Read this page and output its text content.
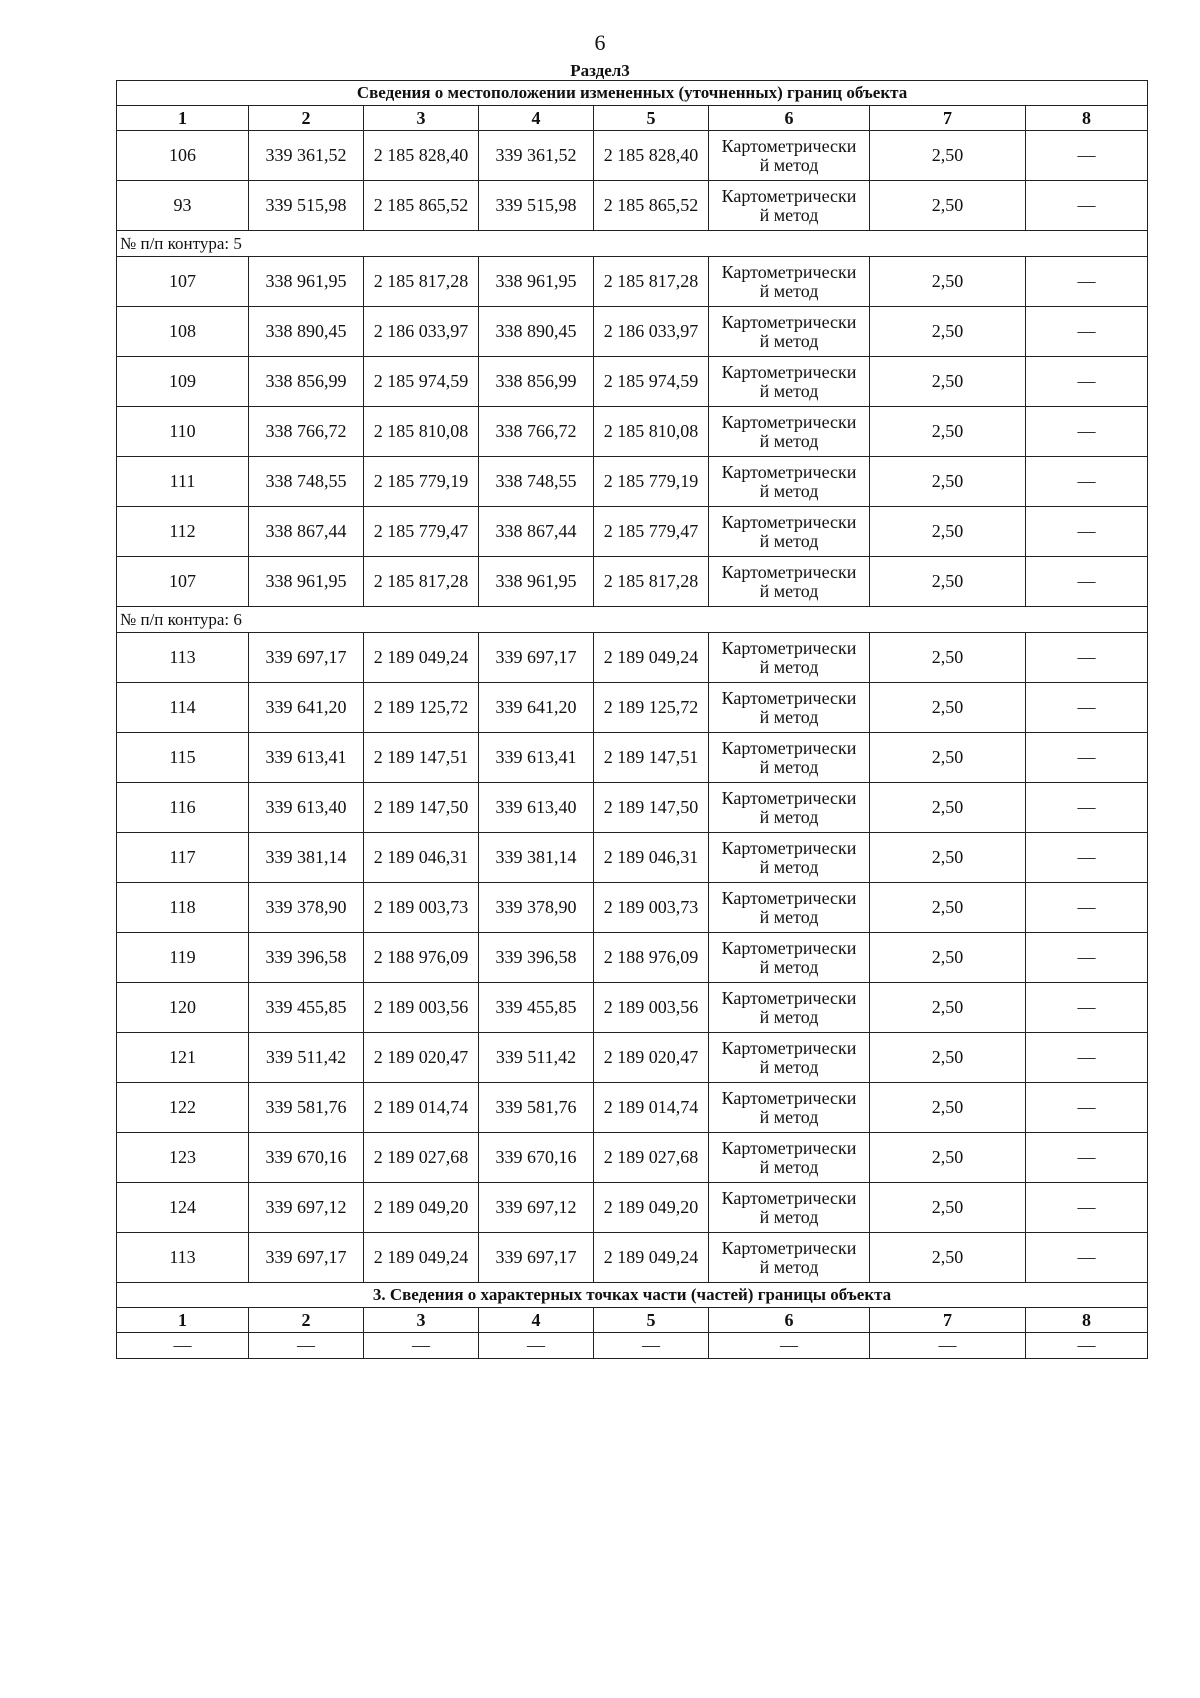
6
Раздел3
Сведения о местоположении измененных (уточненных) границ объекта							
1	2	3	4	5	6	7	8
106	339 361,52	2 185 828,40	339 361,52	2 185 828,40	Картометрически
й метод	2,50	—
93	339 515,98	2 185 865,52	339 515,98	2 185 865,52	Картометрически
й метод	2,50	—
№ п/п контура: 5							
107	338 961,95	2 185 817,28	338 961,95	2 185 817,28	Картометрически
й метод	2,50	—
108	338 890,45	2 186 033,97	338 890,45	2 186 033,97	Картометрически
й метод	2,50	—
109	338 856,99	2 185 974,59	338 856,99	2 185 974,59	Картометрически
й метод	2,50	—
110	338 766,72	2 185 810,08	338 766,72	2 185 810,08	Картометрически
й метод	2,50	—
111	338 748,55	2 185 779,19	338 748,55	2 185 779,19	Картометрически
й метод	2,50	—
112	338 867,44	2 185 779,47	338 867,44	2 185 779,47	Картометрически
й метод	2,50	—
107	338 961,95	2 185 817,28	338 961,95	2 185 817,28	Картометрически
й метод	2,50	—
№ п/п контура: 6							
113	339 697,17	2 189 049,24	339 697,17	2 189 049,24	Картометрически
й метод	2,50	—
114	339 641,20	2 189 125,72	339 641,20	2 189 125,72	Картометрически
й метод	2,50	—
115	339 613,41	2 189 147,51	339 613,41	2 189 147,51	Картометрически
й метод	2,50	—
116	339 613,40	2 189 147,50	339 613,40	2 189 147,50	Картометрически
й метод	2,50	—
117	339 381,14	2 189 046,31	339 381,14	2 189 046,31	Картометрически
й метод	2,50	—
118	339 378,90	2 189 003,73	339 378,90	2 189 003,73	Картометрически
й метод	2,50	—
119	339 396,58	2 188 976,09	339 396,58	2 188 976,09	Картометрически
й метод	2,50	—
120	339 455,85	2 189 003,56	339 455,85	2 189 003,56	Картометрически
й метод	2,50	—
121	339 511,42	2 189 020,47	339 511,42	2 189 020,47	Картометрически
й метод	2,50	—
122	339 581,76	2 189 014,74	339 581,76	2 189 014,74	Картометрически
й метод	2,50	—
123	339 670,16	2 189 027,68	339 670,16	2 189 027,68	Картометрически
й метод	2,50	—
124	339 697,12	2 189 049,20	339 697,12	2 189 049,20	Картометрически
й метод	2,50	—
113	339 697,17	2 189 049,24	339 697,17	2 189 049,24	Картометрически
й метод	2,50	—
3. Сведения о характерных точках части (частей) границы объекта							
1	2	3	4	5	6	7	8
—	—	—	—	—	—	—	—
